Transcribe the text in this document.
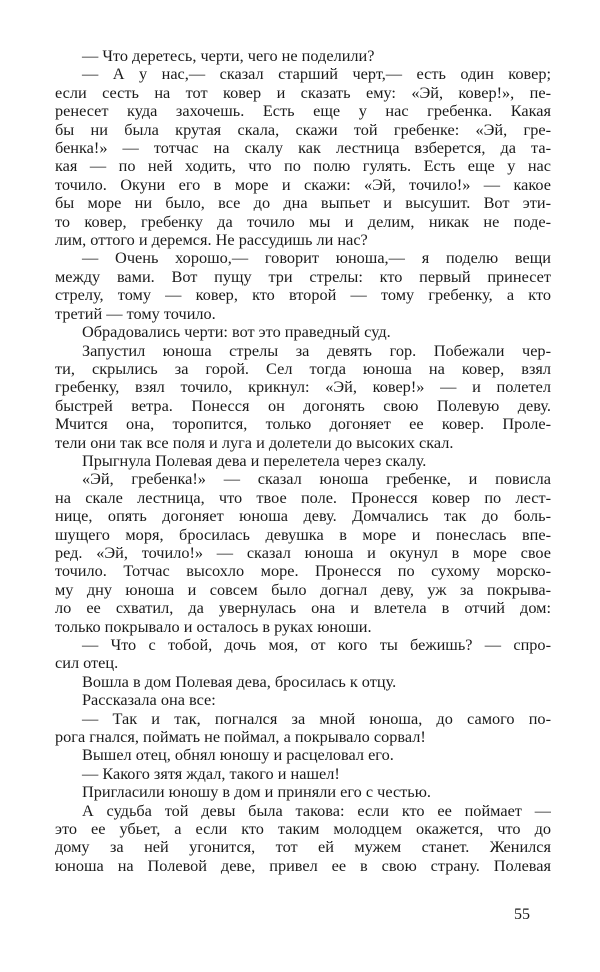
— Что деретесь, черти, чего не поделили?
— А у нас,— сказал старший черт,— есть один ковер;
если сесть на тот ковер и сказать ему: «Эй, ковер!», пе-
ренесет куда захочешь. Есть еще у нас гребенка. Какая
бы ни была крутая скала, скажи той гребенке: «Эй, гре-
бенка!» — тотчас на скалу как лестница взберется, да та-
кая — по ней ходить, что по полю гулять. Есть еще у нас
точило. Окуни его в море и скажи: «Эй, точило!» — какое
бы море ни было, все до дна выпьет и высушит. Вот эти-
то ковер, гребенку да точило мы и делим, никак не поде-
лим, оттого и деремся. Не рассудишь ли нас?
— Очень хорошо,— говорит юноша,— я поделю вещи
между вами. Вот пущу три стрелы: кто первый принесет
стрелу, тому — ковер, кто второй — тому гребенку, а кто
третий — тому точило.
Обрадовались черти: вот это праведный суд.
Запустил юноша стрелы за девять гор. Побежали чер-
ти, скрылись за горой. Сел тогда юноша на ковер, взял
гребенку, взял точило, крикнул: «Эй, ковер!» — и полетел
быстрей ветра. Понесся он догонять свою Полевую деву.
Мчится она, торопится, только догоняет ее ковер. Проле-
тели они так все поля и луга и долетели до высоких скал.
Прыгнула Полевая дева и перелетела через скалу.
«Эй, гребенка!» — сказал юноша гребенке, и повисла
на скале лестница, что твое поле. Пронесся ковер по лест-
нице, опять догоняет юноша деву. Домчались так до боль-
шущего моря, бросилась девушка в море и понеслась впе-
ред. «Эй, точило!» — сказал юноша и окунул в море свое
точило. Тотчас высохло море. Пронесся по сухому морско-
му дну юноша и совсем было догнал деву, уж за покрыва-
ло ее схватил, да увернулась она и влетела в отчий дом:
только покрывало и осталось в руках юноши.
— Что с тобой, дочь моя, от кого ты бежишь? — спро-
сил отец.
Вошла в дом Полевая дева, бросилась к отцу.
Рассказала она все:
— Так и так, погнался за мной юноша, до самого по-
рога гнался, поймать не поймал, а покрывало сорвал!
Вышел отец, обнял юношу и расцеловал его.
— Какого зятя ждал, такого и нашел!
Пригласили юношу в дом и приняли его с честью.
А судьба той девы была такова: если кто ее поймает —
это ее убьет, а если кто таким молодцем окажется, что до
дому за ней угонится, тот ей мужем станет. Женился
юноша на Полевой деве, привел ее в свою страну. Полевая
55
